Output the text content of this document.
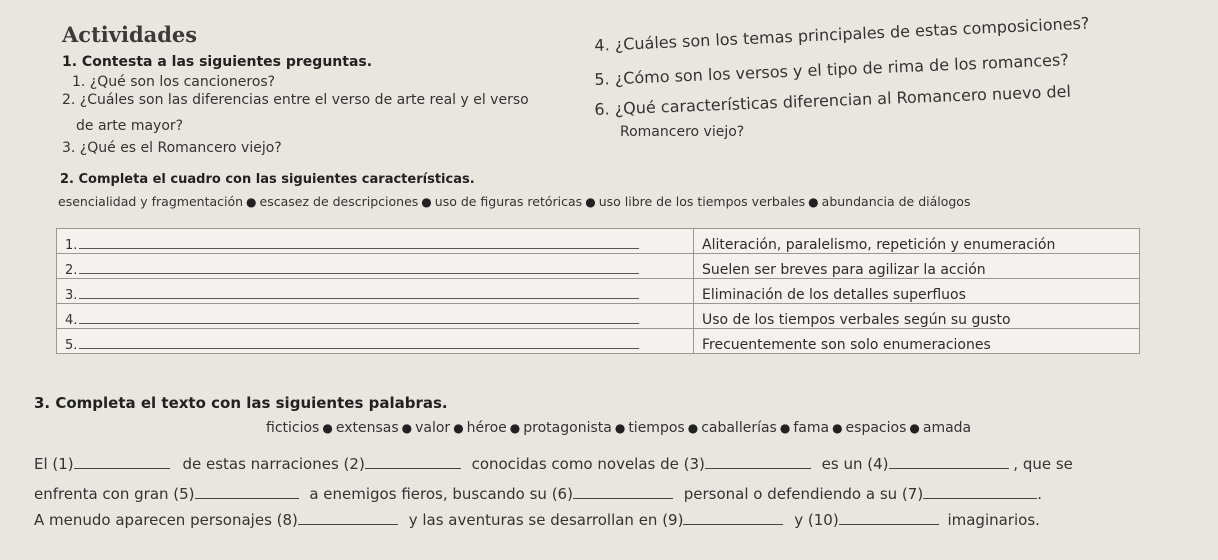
Actividades
1. Contesta a las siguientes preguntas.
1. ¿Qué son los cancioneros?
2. ¿Cuáles son las diferencias entre el verso de arte real y el verso
de arte mayor?
3. ¿Qué es el Romancero viejo?
4. ¿Cuáles son los temas principales de estas composiciones?
5. ¿Cómo son los versos y el tipo de rima de los romances?
6. ¿Qué características diferencian al Romancero nuevo del
Romancero viejo?
2. Completa el cuadro con las siguientes características.
esencialidad y fragmentación ● escasez de descripciones ● uso de figuras retóricas ● uso libre de los tiempos verbales ● abundancia de diálogos
1.	Aliteración, paralelismo, repetición y enumeración
2.	Suelen ser breves para agilizar la acción
3.	Eliminación de los detalles superfluos
4.	Uso de los tiempos verbales según su gusto
5.	Frecuentemente son solo enumeraciones
3. Completa el texto con las siguientes palabras.
ficticios ● extensas ● valor ● héroe ● protagonista ● tiempos ● caballerías ● fama ● espacios ● amada
El (1)	de estas narraciones (2)	conocidas como novelas de (3)	es un (4)	, que se
enfrenta con gran (5)	a enemigos fieros, buscando su (6)	personal o defendiendo a su (7)	.
A menudo aparecen personajes (8)	y las aventuras se desarrollan en (9)	y (10)	imaginarios.
